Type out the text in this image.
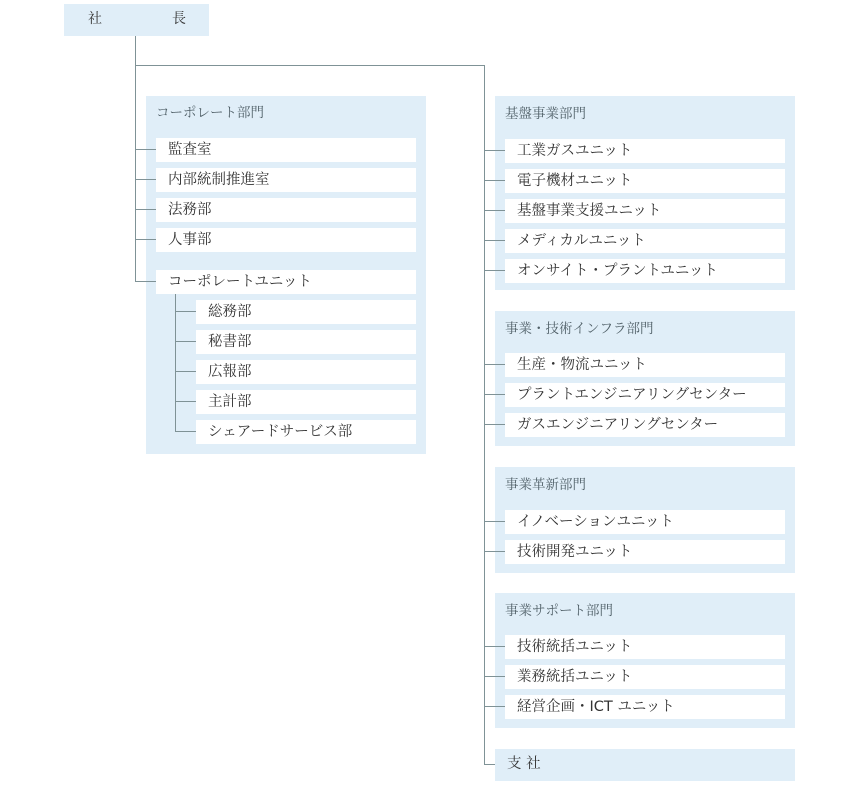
社	長
コーポレート部門
監査室
内部統制推進室
法務部
人事部
コーポレートユニット
総務部
秘書部
広報部
主計部
シェアードサービス部
基盤事業部門
工業ガスユニット
電子機材ユニット
基盤事業支援ユニット
メディカルユニット
オンサイト・プラントユニット
事業・技術インフラ部門
生産・物流ユニット
プラントエンジニアリングセンター
ガスエンジニアリングセンター
事業革新部門
イノベーションユニット
技術開発ユニット
事業サポート部門
技術統括ユニット
業務統括ユニット
経営企画・ICT ユニット
支 社
